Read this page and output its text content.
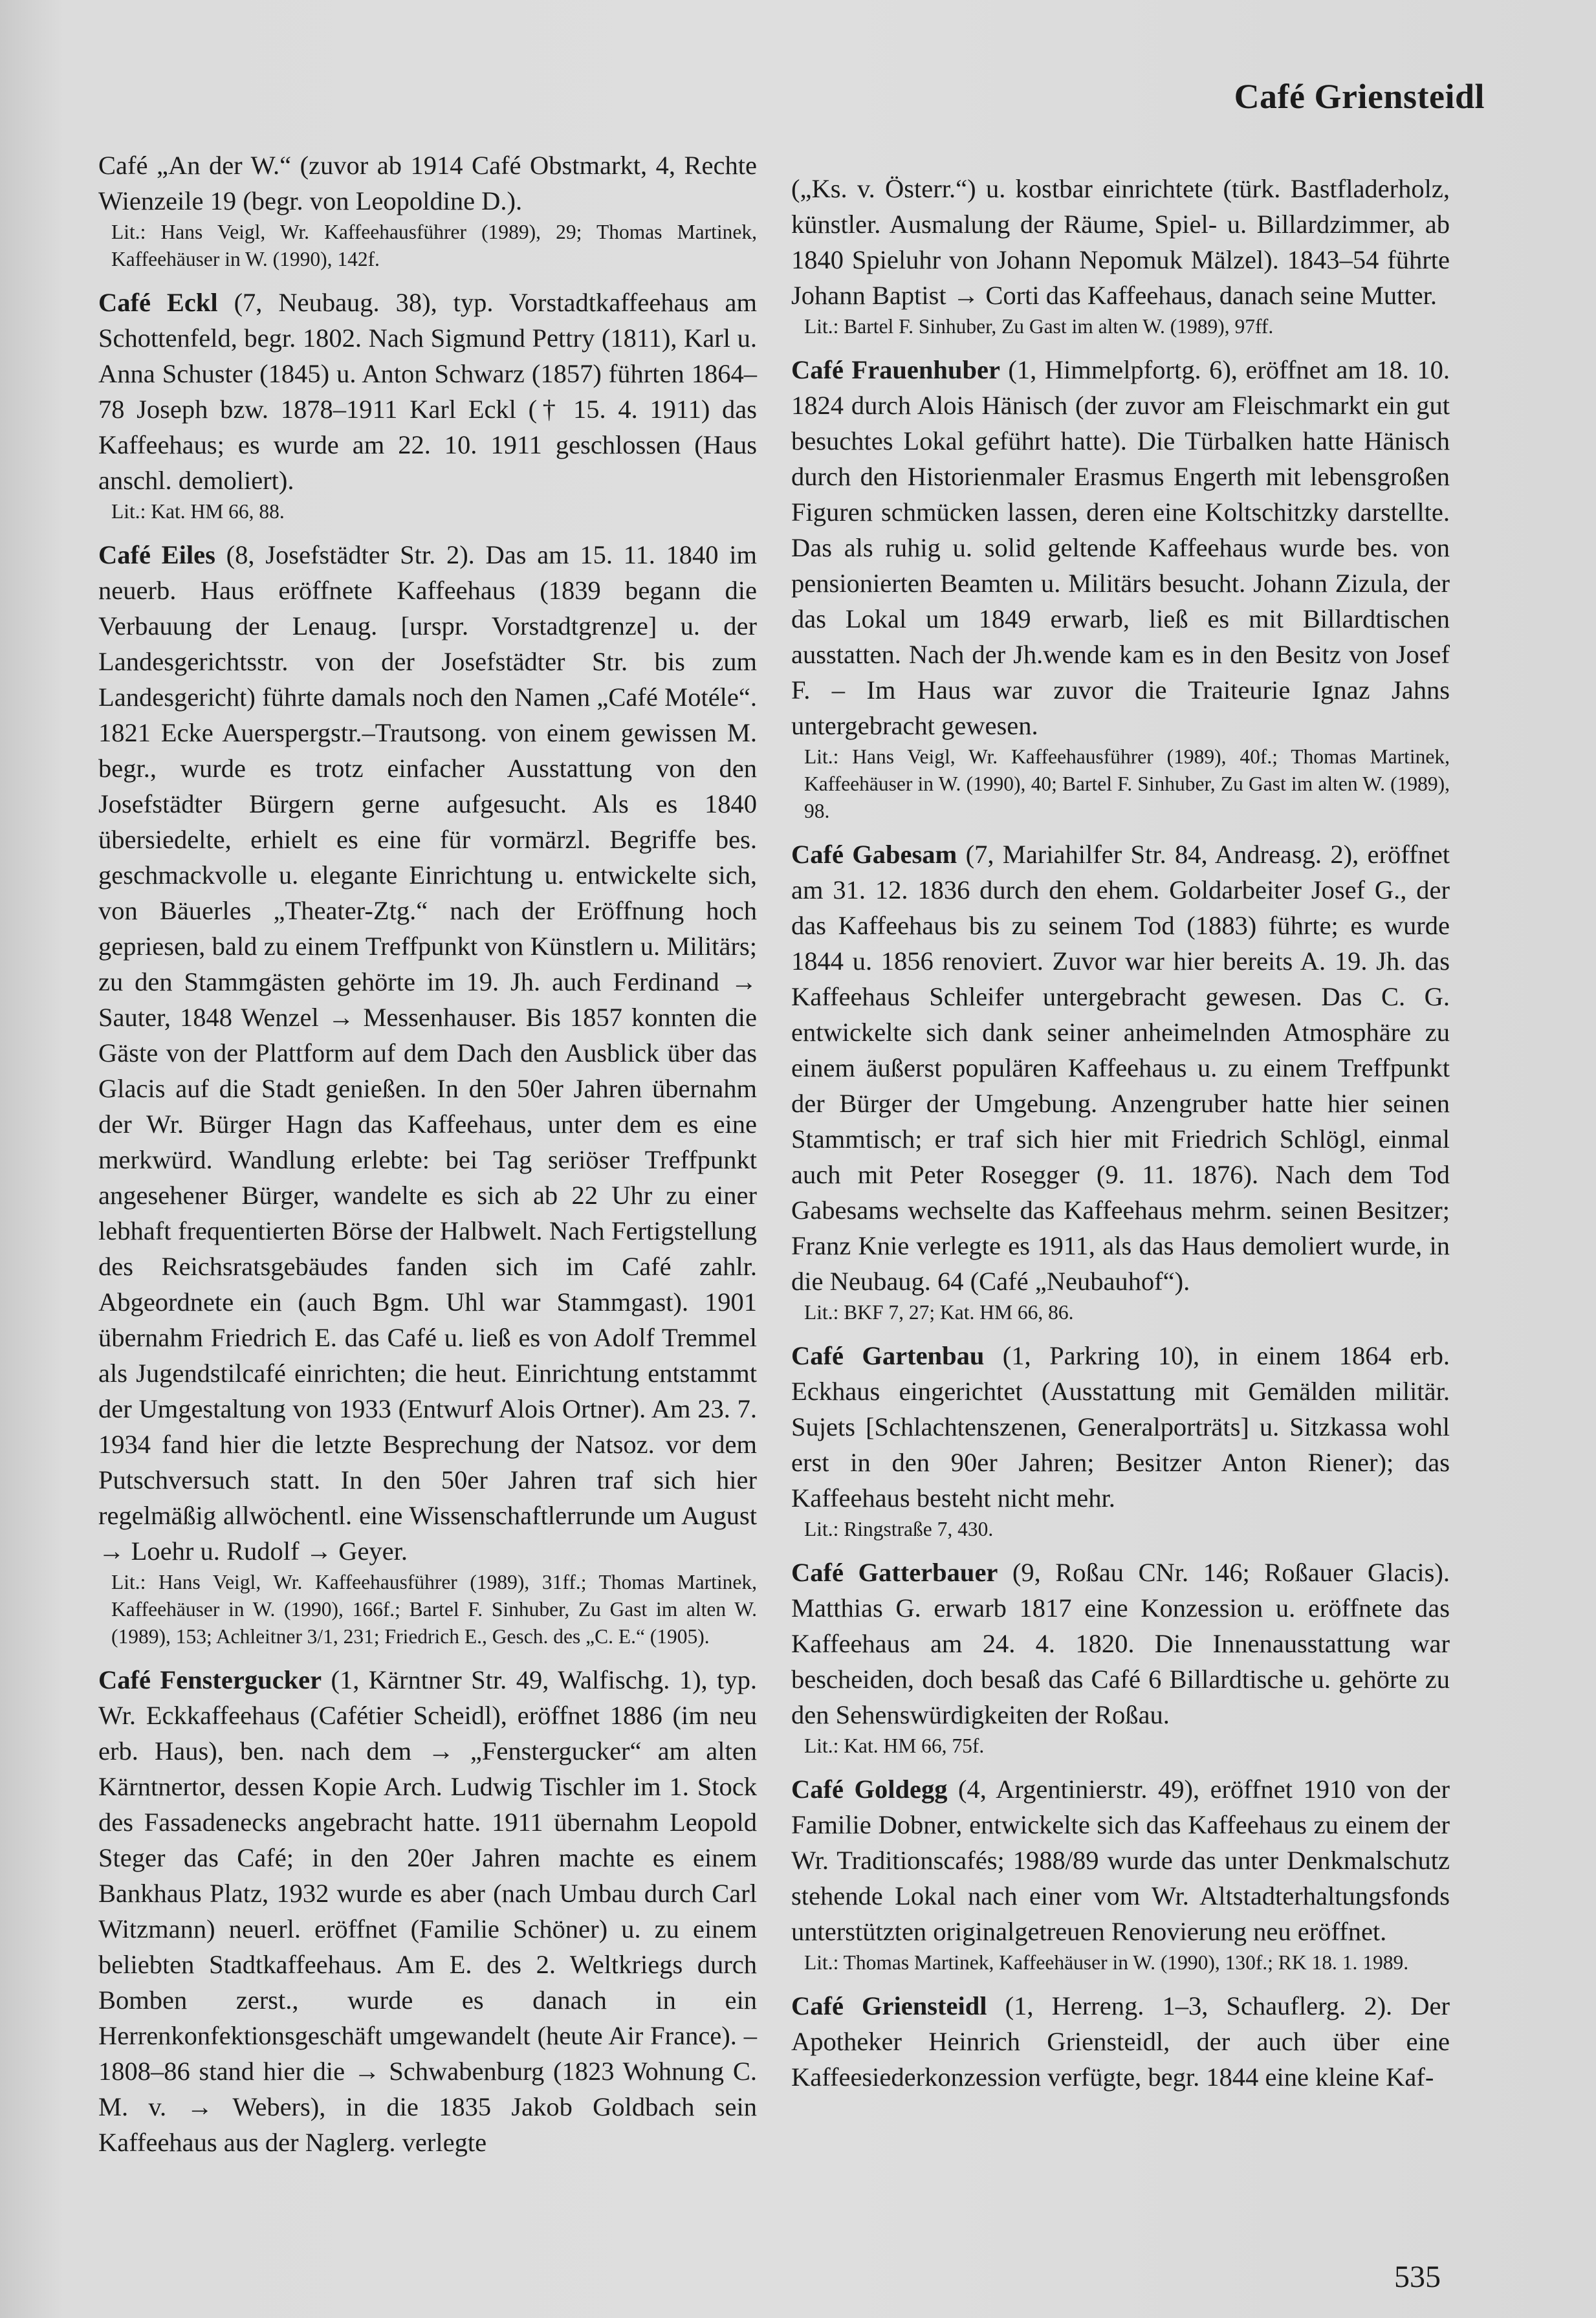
Café Griensteidl

Café „An der W.“ (zuvor ab 1914 Café Obstmarkt, 4, Rechte Wienzeile 19 (begr. von Leopoldine D.).

Lit.: Hans Veigl, Wr. Kaffeehausführer (1989), 29; Thomas Martinek, Kaffeehäuser in W. (1990), 142f.

Café Eckl (7, Neubaug. 38), typ. Vorstadtkaffeehaus am Schottenfeld, begr. 1802. Nach Sigmund Pettry (1811), Karl u. Anna Schuster (1845) u. Anton Schwarz (1857) führten 1864–78 Joseph bzw. 1878–1911 Karl Eckl († 15. 4. 1911) das Kaffeehaus; es wurde am 22. 10. 1911 geschlossen (Haus anschl. demoliert).

Lit.: Kat. HM 66, 88.

Café Eiles (8, Josefstädter Str. 2). Das am 15. 11. 1840 im neuerb. Haus eröffnete Kaffeehaus (1839 begann die Verbauung der Lenaug. [urspr. Vorstadtgrenze] u. der Landesgerichtsstr. von der Josefstädter Str. bis zum Landesgericht) führte damals noch den Namen „Café Motéle“. 1821 Ecke Auerspergstr.–Trautsong. von einem gewissen M. begr., wurde es trotz einfacher Ausstattung von den Josefstädter Bürgern gerne aufgesucht. Als es 1840 übersiedelte, erhielt es eine für vormärzl. Begriffe bes. geschmackvolle u. elegante Einrichtung u. entwickelte sich, von Bäuerles „Theater-Ztg.“ nach der Eröffnung hoch gepriesen, bald zu einem Treffpunkt von Künstlern u. Militärs; zu den Stammgästen gehörte im 19. Jh. auch Ferdinand → Sauter, 1848 Wenzel → Messenhauser. Bis 1857 konnten die Gäste von der Plattform auf dem Dach den Ausblick über das Glacis auf die Stadt genießen. In den 50er Jahren übernahm der Wr. Bürger Hagn das Kaffeehaus, unter dem es eine merkwürd. Wandlung erlebte: bei Tag seriöser Treffpunkt angesehener Bürger, wandelte es sich ab 22 Uhr zu einer lebhaft frequentierten Börse der Halbwelt. Nach Fertigstellung des Reichsratsgebäudes fanden sich im Café zahlr. Abgeordnete ein (auch Bgm. Uhl war Stammgast). 1901 übernahm Friedrich E. das Café u. ließ es von Adolf Tremmel als Jugendstilcafé einrichten; die heut. Einrichtung entstammt der Umgestaltung von 1933 (Entwurf Alois Ortner). Am 23. 7. 1934 fand hier die letzte Besprechung der Natsoz. vor dem Putschversuch statt. In den 50er Jahren traf sich hier regelmäßig allwöchentl. eine Wissenschaftlerrunde um August → Loehr u. Rudolf → Geyer.

Lit.: Hans Veigl, Wr. Kaffeehausführer (1989), 31ff.; Thomas Martinek, Kaffeehäuser in W. (1990), 166f.; Bartel F. Sinhuber, Zu Gast im alten W. (1989), 153; Achleitner 3/1, 231; Friedrich E., Gesch. des „C. E.“ (1905).

Café Fenstergucker (1, Kärntner Str. 49, Walfischg. 1), typ. Wr. Eckkaffeehaus (Cafétier Scheidl), eröffnet 1886 (im neu erb. Haus), ben. nach dem → „Fenstergucker“ am alten Kärntnertor, dessen Kopie Arch. Ludwig Tischler im 1. Stock des Fassadenecks angebracht hatte. 1911 übernahm Leopold Steger das Café; in den 20er Jahren machte es einem Bankhaus Platz, 1932 wurde es aber (nach Umbau durch Carl Witzmann) neuerl. eröffnet (Familie Schöner) u. zu einem beliebten Stadtkaffeehaus. Am E. des 2. Weltkriegs durch Bomben zerst., wurde es danach in ein Herrenkonfektionsgeschäft umgewandelt (heute Air France). – 1808–86 stand hier die → Schwabenburg (1823 Wohnung C. M. v. → Webers), in die 1835 Jakob Goldbach sein Kaffeehaus aus der Naglerg. verlegte

(„Ks. v. Österr.“) u. kostbar einrichtete (türk. Bastfladerholz, künstler. Ausmalung der Räume, Spiel- u. Billardzimmer, ab 1840 Spieluhr von Johann Nepomuk Mälzel). 1843–54 führte Johann Baptist → Corti das Kaffeehaus, danach seine Mutter.

Lit.: Bartel F. Sinhuber, Zu Gast im alten W. (1989), 97ff.

Café Frauenhuber (1, Himmelpfortg. 6), eröffnet am 18. 10. 1824 durch Alois Hänisch (der zuvor am Fleischmarkt ein gut besuchtes Lokal geführt hatte). Die Türbalken hatte Hänisch durch den Historienmaler Erasmus Engerth mit lebensgroßen Figuren schmücken lassen, deren eine Koltschitzky darstellte. Das als ruhig u. solid geltende Kaffeehaus wurde bes. von pensionierten Beamten u. Militärs besucht. Johann Zizula, der das Lokal um 1849 erwarb, ließ es mit Billardtischen ausstatten. Nach der Jh.wende kam es in den Besitz von Josef F. – Im Haus war zuvor die Traiteurie Ignaz Jahns untergebracht gewesen.

Lit.: Hans Veigl, Wr. Kaffeehausführer (1989), 40f.; Thomas Martinek, Kaffeehäuser in W. (1990), 40; Bartel F. Sinhuber, Zu Gast im alten W. (1989), 98.

Café Gabesam (7, Mariahilfer Str. 84, Andreasg. 2), eröffnet am 31. 12. 1836 durch den ehem. Goldarbeiter Josef G., der das Kaffeehaus bis zu seinem Tod (1883) führte; es wurde 1844 u. 1856 renoviert. Zuvor war hier bereits A. 19. Jh. das Kaffeehaus Schleifer untergebracht gewesen. Das C. G. entwickelte sich dank seiner anheimelnden Atmosphäre zu einem äußerst populären Kaffeehaus u. zu einem Treffpunkt der Bürger der Umgebung. Anzengruber hatte hier seinen Stammtisch; er traf sich hier mit Friedrich Schlögl, einmal auch mit Peter Rosegger (9. 11. 1876). Nach dem Tod Gabesams wechselte das Kaffeehaus mehrm. seinen Besitzer; Franz Knie verlegte es 1911, als das Haus demoliert wurde, in die Neubaug. 64 (Café „Neubauhof“).

Lit.: BKF 7, 27; Kat. HM 66, 86.

Café Gartenbau (1, Parkring 10), in einem 1864 erb. Eckhaus eingerichtet (Ausstattung mit Gemälden militär. Sujets [Schlachtenszenen, Generalporträts] u. Sitzkassa wohl erst in den 90er Jahren; Besitzer Anton Riener); das Kaffeehaus besteht nicht mehr.

Lit.: Ringstraße 7, 430.

Café Gatterbauer (9, Roßau CNr. 146; Roßauer Glacis). Matthias G. erwarb 1817 eine Konzession u. eröffnete das Kaffeehaus am 24. 4. 1820. Die Innenausstattung war bescheiden, doch besaß das Café 6 Billardtische u. gehörte zu den Sehenswürdigkeiten der Roßau.

Lit.: Kat. HM 66, 75f.

Café Goldegg (4, Argentinierstr. 49), eröffnet 1910 von der Familie Dobner, entwickelte sich das Kaffeehaus zu einem der Wr. Traditionscafés; 1988/89 wurde das unter Denkmalschutz stehende Lokal nach einer vom Wr. Altstadterhaltungsfonds unterstützten originalgetreuen Renovierung neu eröffnet.

Lit.: Thomas Martinek, Kaffeehäuser in W. (1990), 130f.; RK 18. 1. 1989.

Café Griensteidl (1, Herreng. 1–3, Schauflerg. 2). Der Apotheker Heinrich Griensteidl, der auch über eine Kaffeesiederkonzession verfügte, begr. 1844 eine kleine Kaf-

535
